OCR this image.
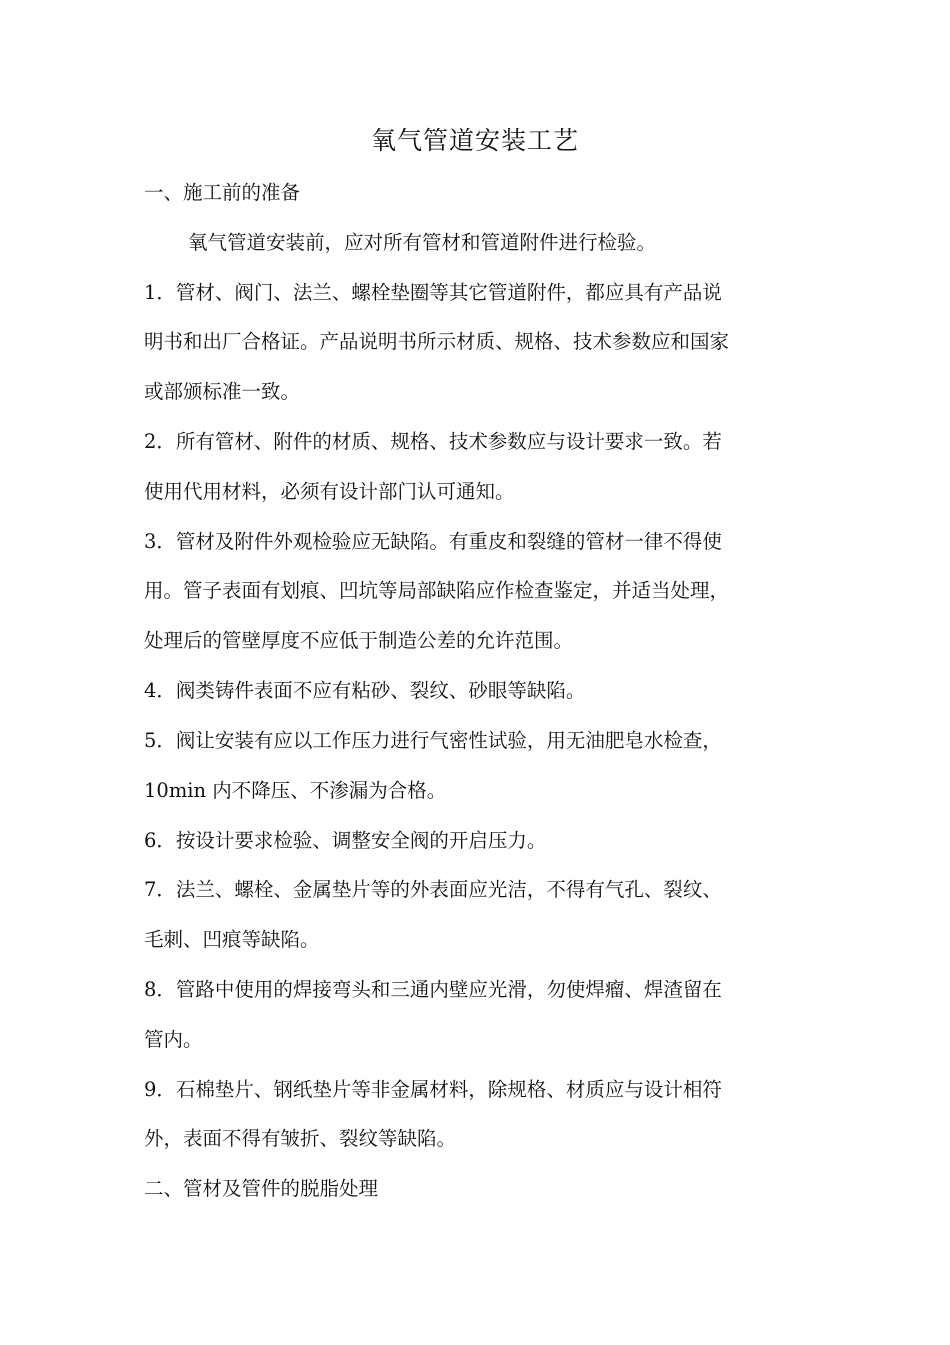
氧气管道安装工艺
一、施工前的准备
氧气管道安装前，应对所有管材和管道附件进行检验。
1．管材、阀门、法兰、螺栓垫圈等其它管道附件，都应具有产品说
明书和出厂合格证。产品说明书所示材质、规格、技术参数应和国家
或部颁标准一致。
2．所有管材、附件的材质、规格、技术参数应与设计要求一致。若
使用代用材料，必须有设计部门认可通知。
3．管材及附件外观检验应无缺陷。有重皮和裂缝的管材一律不得使
用。管子表面有划痕、凹坑等局部缺陷应作检查鉴定，并适当处理，
处理后的管壁厚度不应低于制造公差的允许范围。
4．阀类铸件表面不应有粘砂、裂纹、砂眼等缺陷。
5．阀让安装有应以工作压力进行气密性试验，用无油肥皂水检查，
10min 内不降压、不渗漏为合格。
6．按设计要求检验、调整安全阀的开启压力。
7．法兰、螺栓、金属垫片等的外表面应光洁，不得有气孔、裂纹、
毛刺、凹痕等缺陷。
8．管路中使用的焊接弯头和三通内壁应光滑，勿使焊瘤、焊渣留在
管内。
9．石棉垫片、钢纸垫片等非金属材料，除规格、材质应与设计相符
外，表面不得有皱折、裂纹等缺陷。
二、管材及管件的脱脂处理
